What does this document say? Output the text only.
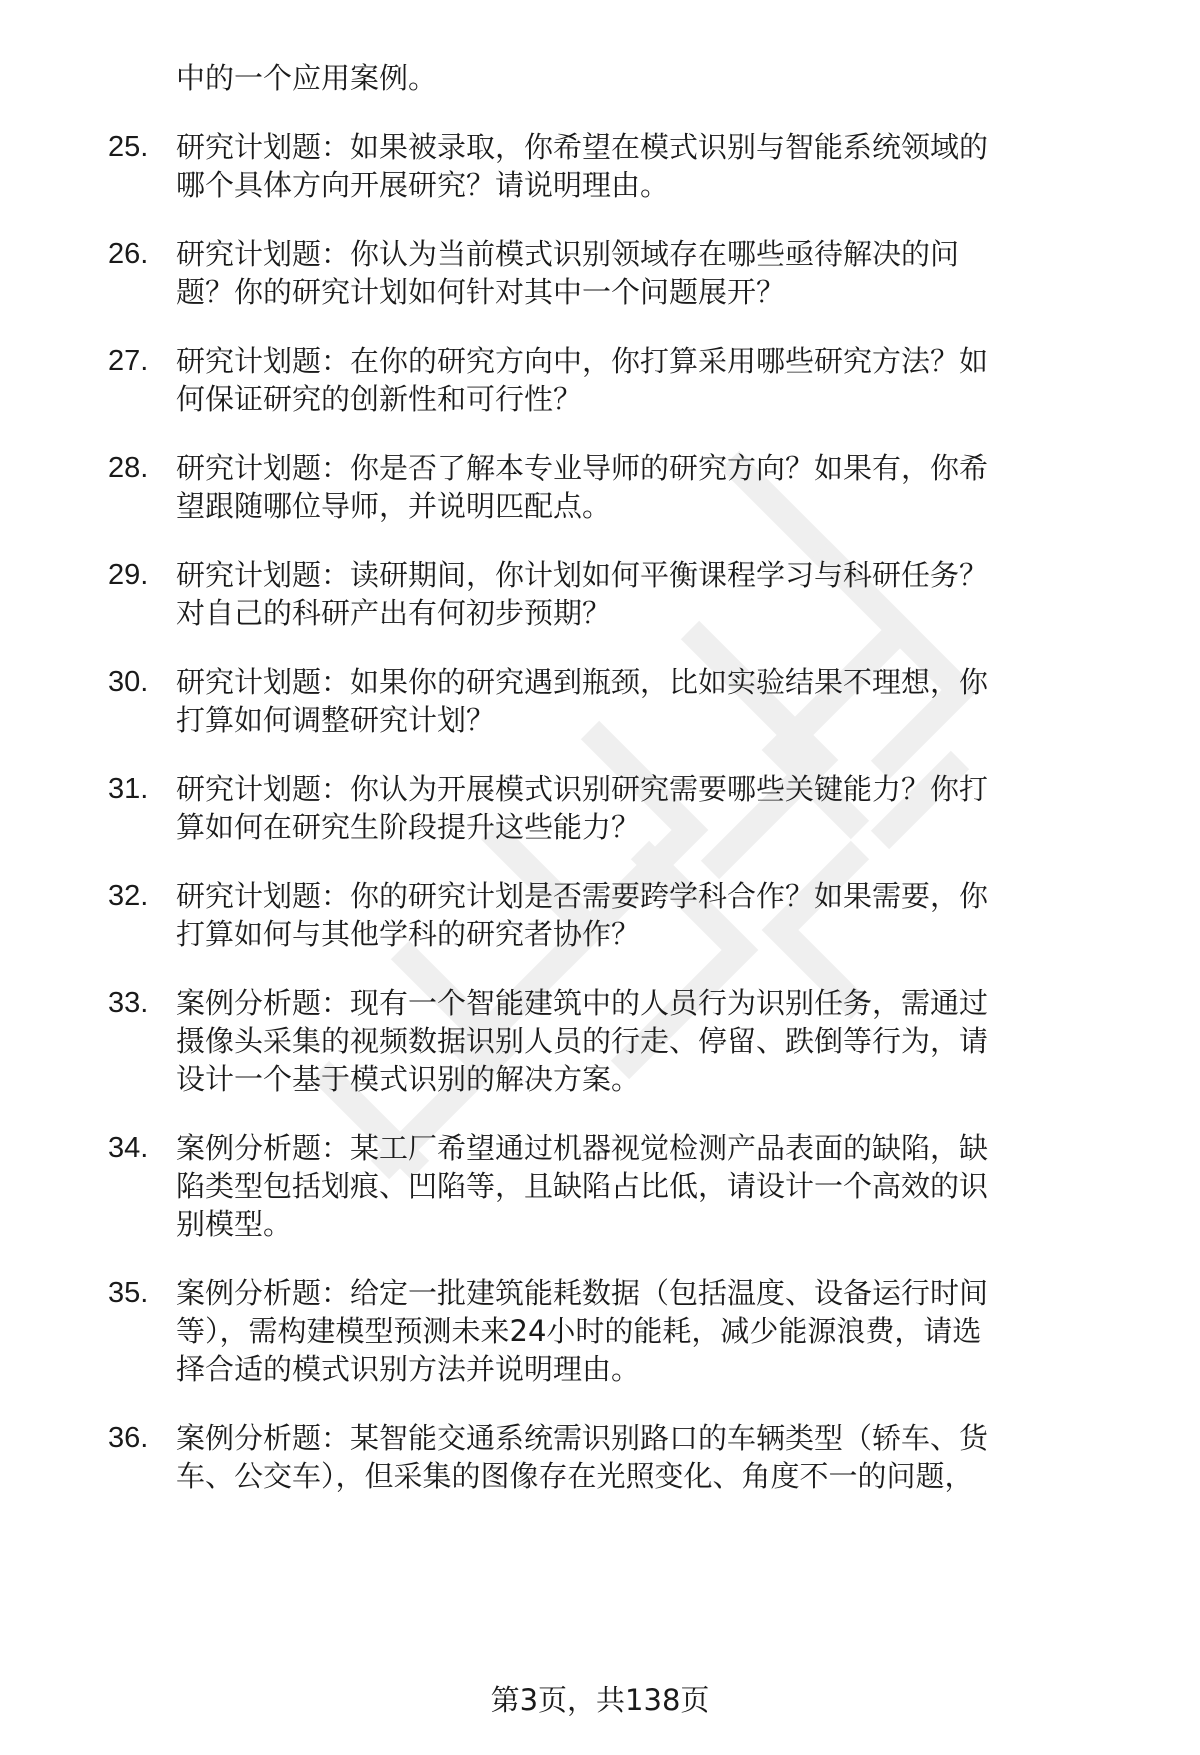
中的一个应用案例。
25. 研究计划题：如果被录取，你希望在模式识别与智能系统领域的
哪个具体方向开展研究？请说明理由。
26. 研究计划题：你认为当前模式识别领域存在哪些亟待解决的问
题？你的研究计划如何针对其中一个问题展开？
27. 研究计划题：在你的研究方向中，你打算采用哪些研究方法？如
何保证研究的创新性和可行性？
28. 研究计划题：你是否了解本专业导师的研究方向？如果有，你希
望跟随哪位导师，并说明匹配点。
29. 研究计划题：读研期间，你计划如何平衡课程学习与科研任务？
对自己的科研产出有何初步预期？
30. 研究计划题：如果你的研究遇到瓶颈，比如实验结果不理想，你
打算如何调整研究计划？
31. 研究计划题：你认为开展模式识别研究需要哪些关键能力？你打
算如何在研究生阶段提升这些能力？
32. 研究计划题：你的研究计划是否需要跨学科合作？如果需要，你
打算如何与其他学科的研究者协作？
33. 案例分析题：现有一个智能建筑中的人员行为识别任务，需通过
摄像头采集的视频数据识别人员的行走、停留、跌倒等行为，请
设计一个基于模式识别的解决方案。
34. 案例分析题：某工厂希望通过机器视觉检测产品表面的缺陷，缺
陷类型包括划痕、凹陷等，且缺陷占比低，请设计一个高效的识
别模型。
35. 案例分析题：给定一批建筑能耗数据（包括温度、设备运行时间
等），需构建模型预测未来24小时的能耗，减少能源浪费，请选
择合适的模式识别方法并说明理由。
36. 案例分析题：某智能交通系统需识别路口的车辆类型（轿车、货
车、公交车），但采集的图像存在光照变化、角度不一的问题，
第3页，共138页
